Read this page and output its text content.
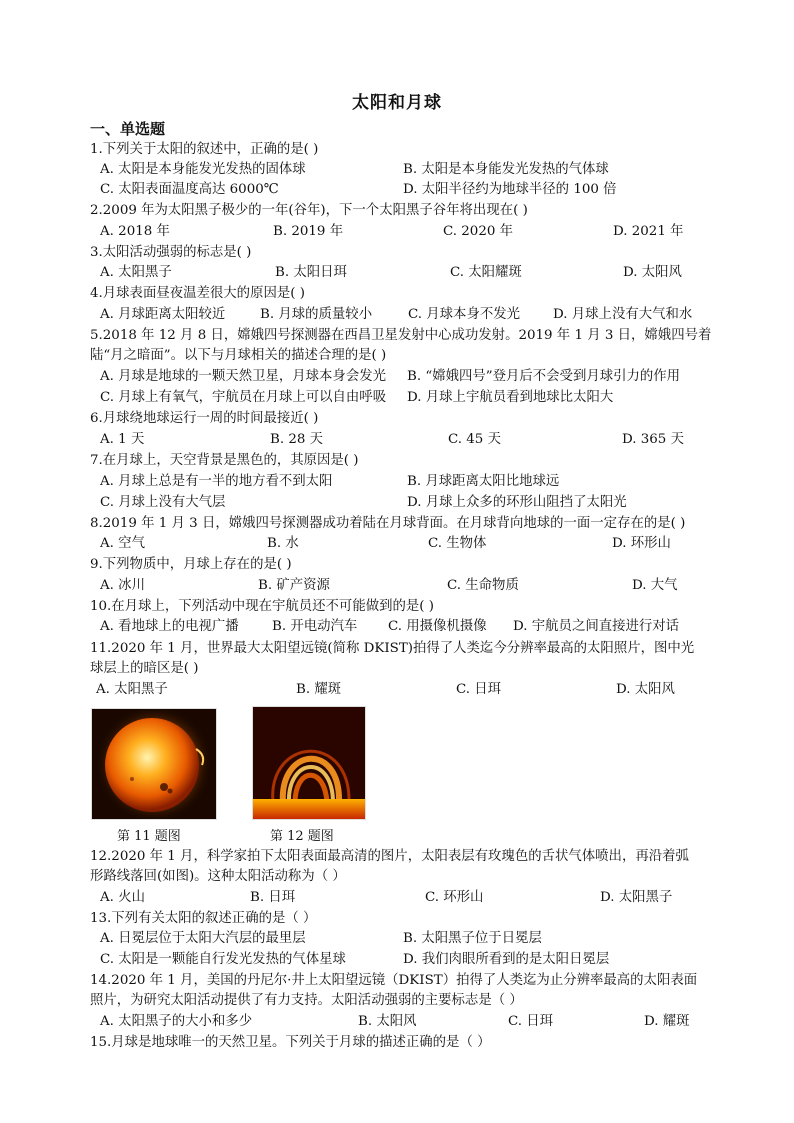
太阳和月球
一、单选题
1.下列关于太阳的叙述中，正确的是( )
A. 太阳是本身能发光发热的固体球	B. 太阳是本身能发光发热的气体球
C. 太阳表面温度高达 6000℃	D. 太阳半径约为地球半径的 100 倍
2.2009 年为太阳黑子极少的一年(谷年)，下一个太阳黑子谷年将出现在( )
A. 2018 年	B. 2019 年	C. 2020 年	D. 2021 年
3.太阳活动强弱的标志是( )
A. 太阳黑子	B. 太阳日珥	C. 太阳耀斑	D. 太阳风
4.月球表面昼夜温差很大的原因是( )
A. 月球距离太阳较近	B. 月球的质量较小	C. 月球本身不发光 D. 月球上没有大气和水
5.2018 年 12 月 8 日，嫦娥四号探测器在西昌卫星发射中心成功发射。2019 年 1 月 3 日，嫦娥四号着
陆“月之暗面”。以下与月球相关的描述合理的是( )
A. 月球是地球的一颗天然卫星，月球本身会发光 B. “嫦娥四号”登月后不会受到月球引力的作用
C. 月球上有氧气，宇航员在月球上可以自由呼吸 D. 月球上宇航员看到地球比太阳大
6.月球绕地球运行一周的时间最接近( )
A. 1 天	B. 28 天	C. 45 天	D. 365 天
7.在月球上，天空背景是黑色的，其原因是( )
A. 月球上总是有一半的地方看不到太阳	B. 月球距离太阳比地球远
C. 月球上没有大气层	D. 月球上众多的环形山阻挡了太阳光
8.2019 年 1 月 3 日，嫦娥四号探测器成功着陆在月球背面。在月球背向地球的一面一定存在的是( )
A. 空气	B. 水	C. 生物体	D. 环形山
9.下列物质中，月球上存在的是( )
A. 冰川	B. 矿产资源	C. 生命物质	D. 大气
10.在月球上，下列活动中现在宇航员还不可能做到的是( )
A. 看地球上的电视广播 B. 开电动汽车 C. 用摄像机摄像 D. 宇航员之间直接进行对话
11.2020 年 1 月，世界最大太阳望远镜(简称 DKIST)拍得了人类迄今分辨率最高的太阳照片，图中光
球层上的暗区是( )
A. 太阳黑子	B. 耀斑	C. 日珥	D. 太阳风
第 11 题图	第 12 题图
12.2020 年 1 月，科学家拍下太阳表面最高清的图片，太阳表层有玫瑰色的舌状气体喷出，再沿着弧
形路线落回(如图)。这种太阳活动称为（ ）
A. 火山	B. 日珥	C. 环形山	D. 太阳黑子
13.下列有关太阳的叙述正确的是（ ）
A. 日冕层位于太阳大汽层的最里层	B. 太阳黑子位于日冕层
C. 太阳是一颗能自行发光发热的气体星球	D. 我们肉眼所看到的是太阳日冕层
14.2020 年 1 月，美国的丹尼尔·井上太阳望远镜（DKIST）拍得了人类迄为止分辨率最高的太阳表面
照片，为研究太阳活动提供了有力支持。太阳活动强弱的主要标志是（ ）
A. 太阳黑子的大小和多少	B. 太阳风	C. 日珥	D. 耀斑
15.月球是地球唯一的天然卫星。下列关于月球的描述正确的是（ ）
